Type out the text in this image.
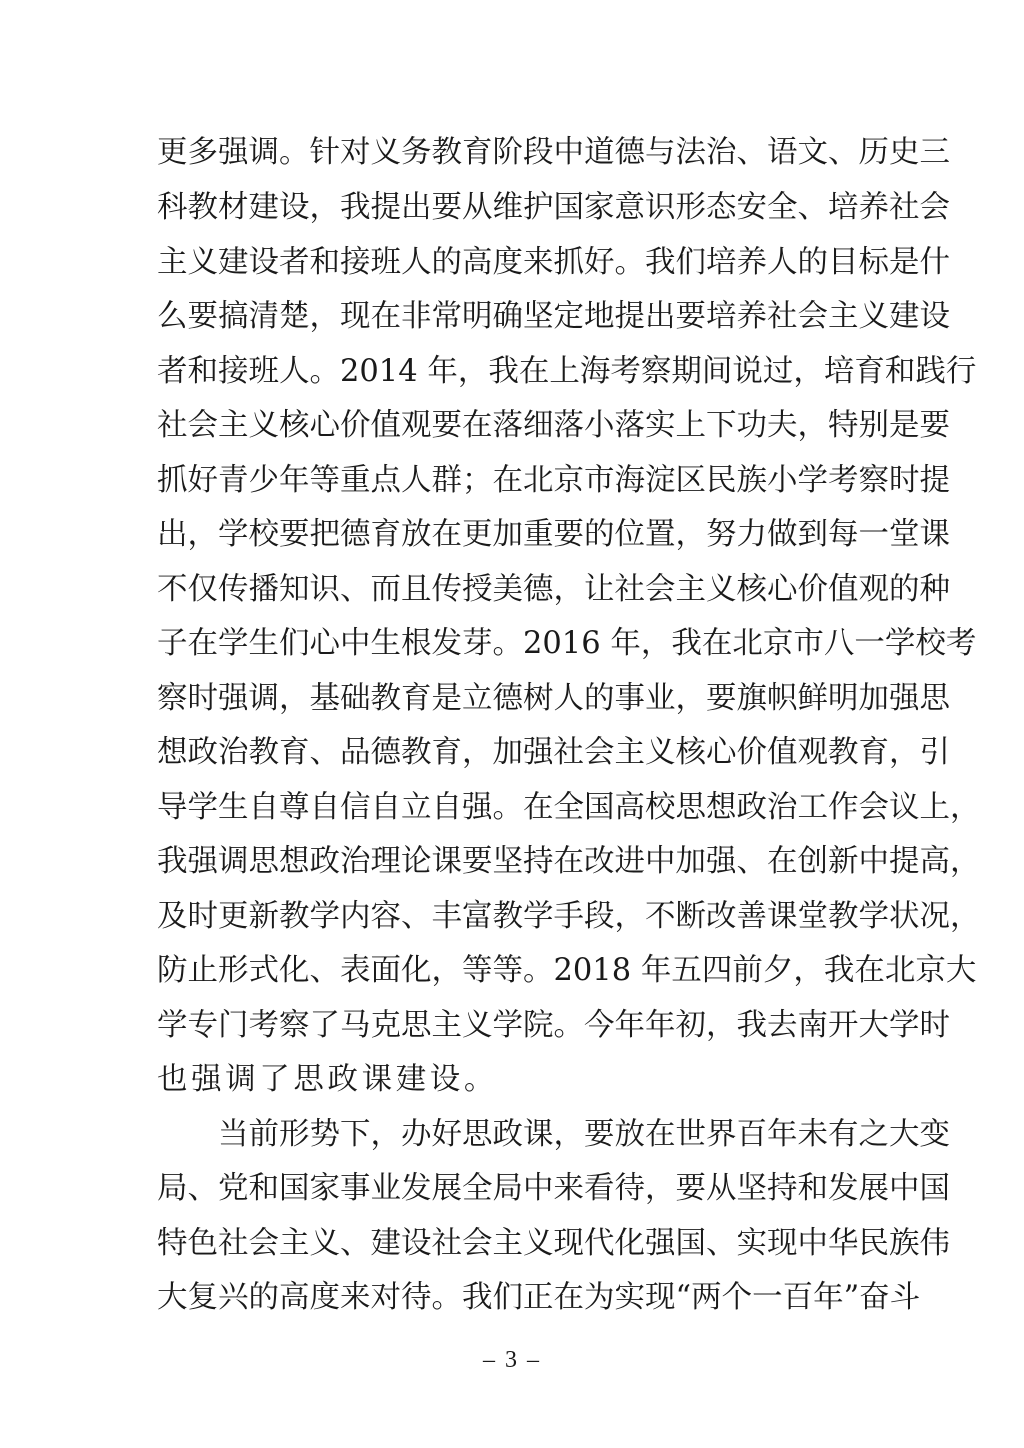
更多强调。针对义务教育阶段中道德与法治、语文、历史三
科教材建设，我提出要从维护国家意识形态安全、培养社会
主义建设者和接班人的高度来抓好。我们培养人的目标是什
么要搞清楚，现在非常明确坚定地提出要培养社会主义建设
者和接班人。2014 年，我在上海考察期间说过，培育和践行
社会主义核心价值观要在落细落小落实上下功夫，特别是要
抓好青少年等重点人群；在北京市海淀区民族小学考察时提
出，学校要把德育放在更加重要的位置，努力做到每一堂课
不仅传播知识、而且传授美德，让社会主义核心价值观的种
子在学生们心中生根发芽。2016 年，我在北京市八一学校考
察时强调，基础教育是立德树人的事业，要旗帜鲜明加强思
想政治教育、品德教育，加强社会主义核心价值观教育，引
导学生自尊自信自立自强。在全国高校思想政治工作会议上，
我强调思想政治理论课要坚持在改进中加强、在创新中提高，
及时更新教学内容、丰富教学手段，不断改善课堂教学状况，
防止形式化、表面化，等等。2018 年五四前夕，我在北京大
学专门考察了马克思主义学院。今年年初，我去南开大学时
也强调了思政课建设。
当前形势下，办好思政课，要放在世界百年未有之大变
局、党和国家事业发展全局中来看待，要从坚持和发展中国
特色社会主义、建设社会主义现代化强国、实现中华民族伟
大复兴的高度来对待。我们正在为实现“两个一百年”奋斗
– 3 –
